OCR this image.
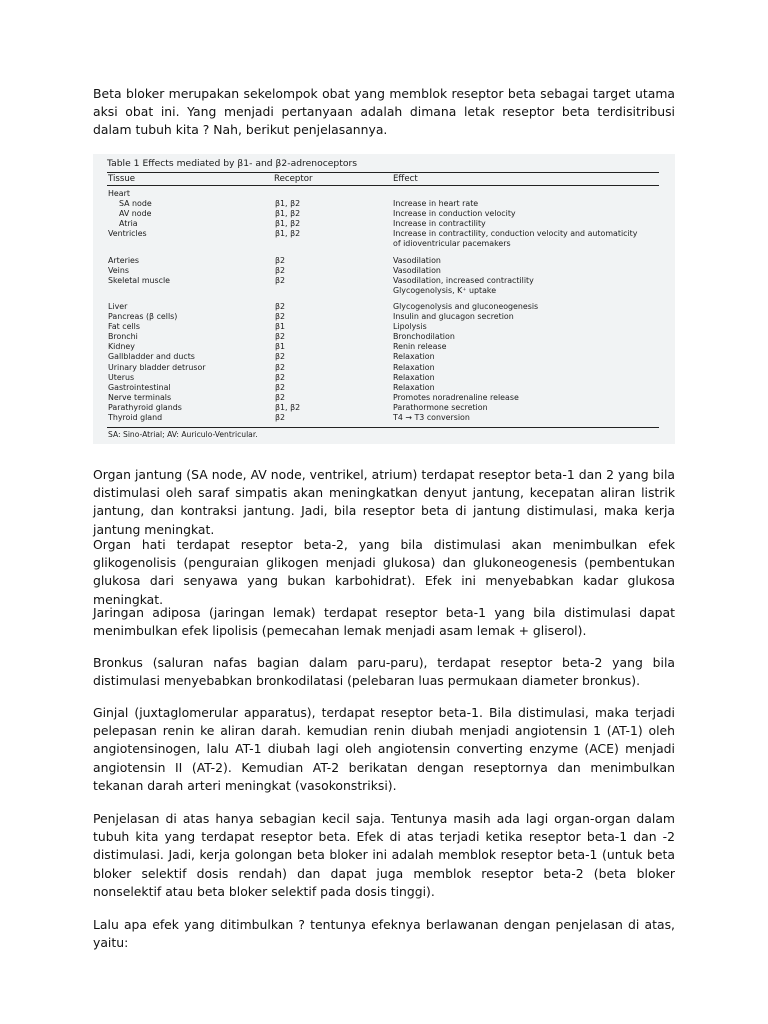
Beta bloker merupakan sekelompok obat yang memblok reseptor beta sebagai target utama aksi obat ini. Yang menjadi pertanyaan adalah dimana letak reseptor beta terdisitribusi dalam tubuh kita ? Nah, berikut penjelasannya.

Table 1 Effects mediated by β1- and β2-adrenoceptors
Tissue	Receptor	Effect
Heart
SA node	β1, β2	Increase in heart rate
AV node	β1, β2	Increase in conduction velocity
Atria	β1, β2	Increase in contractility
Ventricles	β1, β2	Increase in contractility, conduction velocity and automaticity
of idioventricular pacemakers
Arteries	β2	Vasodilation
Veins	β2	Vasodilation
Skeletal muscle	β2	Vasodilation, increased contractility
Glycogenolysis, K⁺ uptake
Liver	β2	Glycogenolysis and gluconeogenesis
Pancreas (β cells)	β2	Insulin and glucagon secretion
Fat cells	β1	Lipolysis
Bronchi	β2	Bronchodilation
Kidney	β1	Renin release
Gallbladder and ducts	β2	Relaxation
Urinary bladder detrusor	β2	Relaxation
Uterus	β2	Relaxation
Gastrointestinal	β2	Relaxation
Nerve terminals	β2	Promotes noradrenaline release
Parathyroid glands	β1, β2	Parathormone secretion
Thyroid gland	β2	T4 → T3 conversion
SA: Sino-Atrial; AV: Auriculo-Ventricular.

Organ jantung (SA node, AV node, ventrikel, atrium) terdapat reseptor beta-1 dan 2 yang bila distimulasi oleh saraf simpatis akan meningkatkan denyut jantung, kecepatan aliran listrik jantung, dan kontraksi jantung. Jadi, bila reseptor beta di jantung distimulasi, maka kerja jantung meningkat.

Organ hati terdapat reseptor beta-2, yang bila distimulasi akan menimbulkan efek glikogenolisis (penguraian glikogen menjadi glukosa) dan glukoneogenesis (pembentukan glukosa dari senyawa yang bukan karbohidrat). Efek ini menyebabkan kadar glukosa meningkat.

Jaringan adiposa (jaringan lemak) terdapat reseptor beta-1 yang bila distimulasi dapat menimbulkan efek lipolisis (pemecahan lemak menjadi asam lemak + gliserol).

Bronkus (saluran nafas bagian dalam paru-paru), terdapat reseptor beta-2 yang bila distimulasi menyebabkan bronkodilatasi (pelebaran luas permukaan diameter bronkus).

Ginjal (juxtaglomerular apparatus), terdapat reseptor beta-1. Bila distimulasi, maka terjadi pelepasan renin ke aliran darah. kemudian renin diubah menjadi angiotensin 1 (AT-1) oleh angiotensinogen, lalu AT-1 diubah lagi oleh angiotensin converting enzyme (ACE) menjadi angiotensin II (AT-2). Kemudian AT-2 berikatan dengan reseptornya dan menimbulkan tekanan darah arteri meningkat (vasokonstriksi).

Penjelasan di atas hanya sebagian kecil saja. Tentunya masih ada lagi organ-organ dalam tubuh kita yang terdapat reseptor beta. Efek di atas terjadi ketika reseptor beta-1 dan -2 distimulasi. Jadi, kerja golongan beta bloker ini adalah memblok reseptor beta-1 (untuk beta bloker selektif dosis rendah) dan dapat juga memblok reseptor beta-2 (beta bloker nonselektif atau beta bloker selektif pada dosis tinggi).

Lalu apa efek yang ditimbulkan ? tentunya efeknya berlawanan dengan penjelasan di atas, yaitu:
